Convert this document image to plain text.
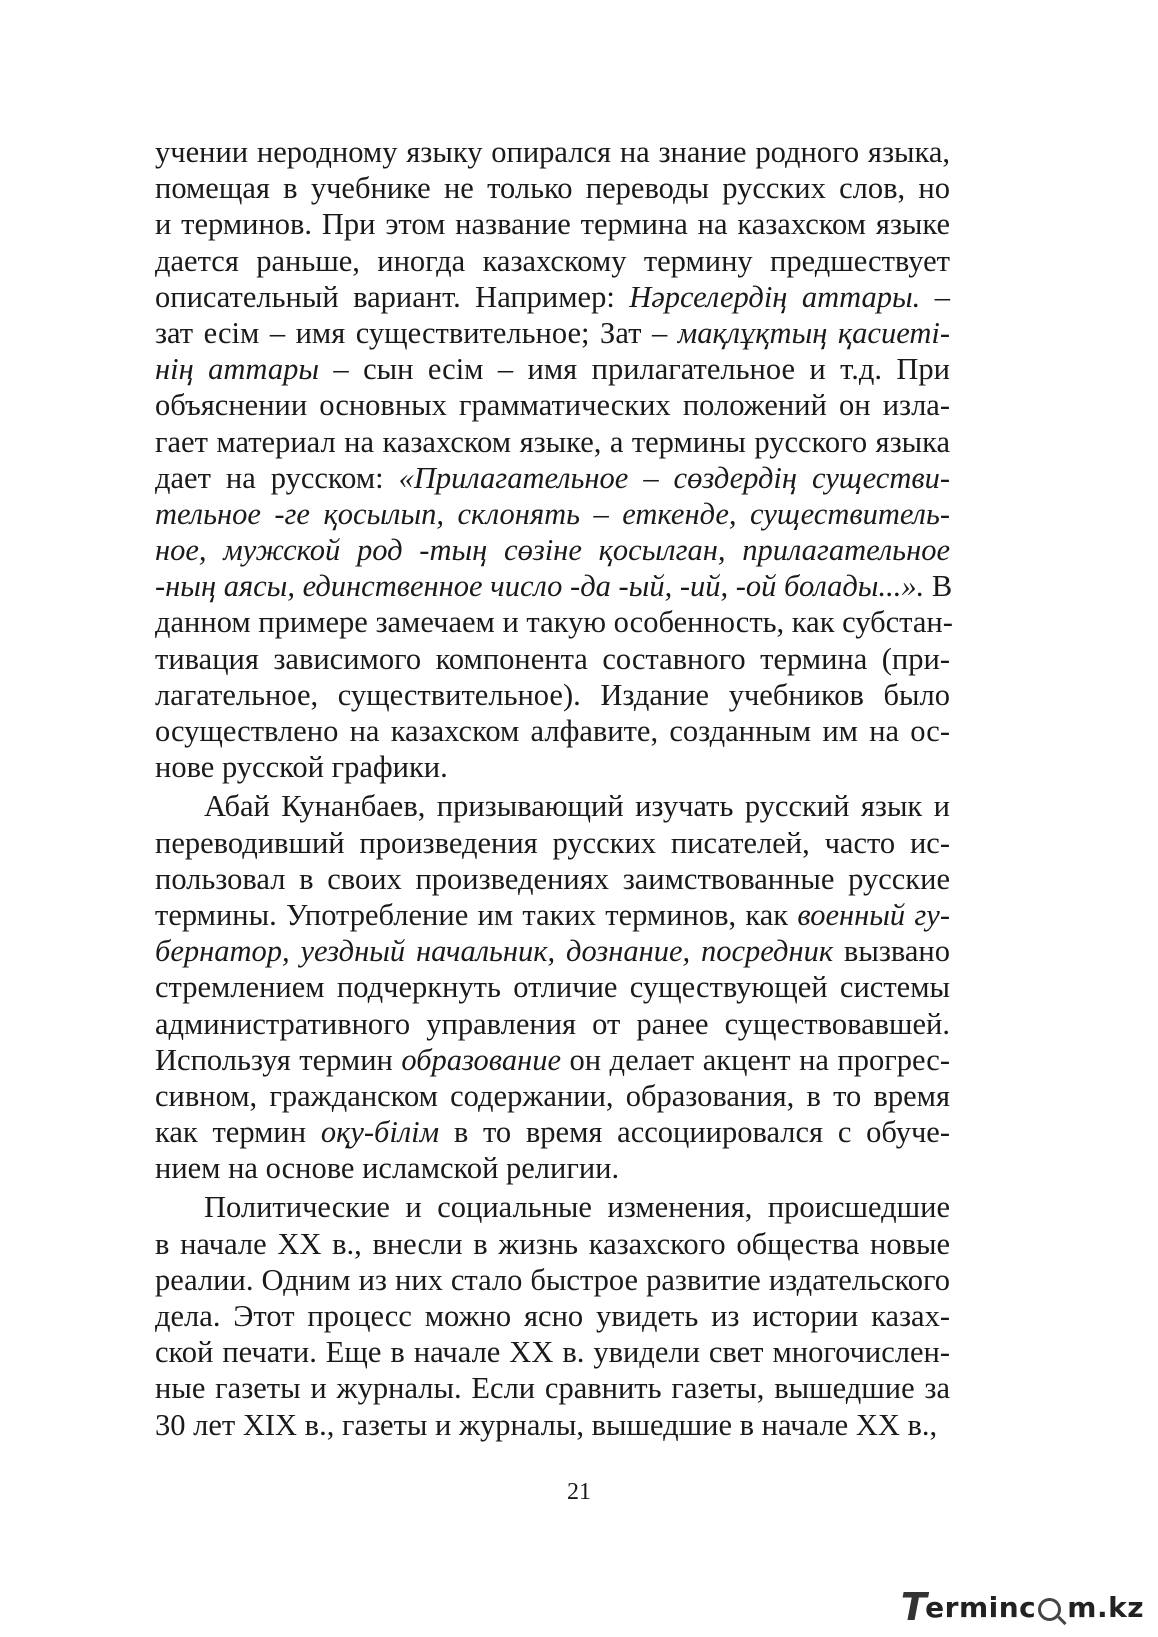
учении неродному языку опирался на знание родного языка,
помещая в учебнике не только переводы русских слов, но
и терминов. При этом название термина на казахском языке
дается раньше, иногда казахскому термину предшествует
описательный вариант. Например: Нәрселердің аттары. –
зат есім – имя существительное; Зат – мақлұқтың қасиеті-
нің аттары – сын есім – имя прилагательное и т.д. При
объяснении основных грамматических положений он изла-
гает материал на казахском языке, а термины русского языка
дает на русском: «Прилагательное – сөздердің существи-
тельное -ге қосылып, склонять – еткенде, существитель-
ное, мужской род -тың сөзіне қосылган, прилагательное
-ның аясы, единственное число -да -ый, -ий, -ой болады...». В
данном примере замечаем и такую особенность, как субстан-
тивация зависимого компонента составного термина (при-
лагательное, существительное). Издание учебников было
осуществлено на казахском алфавите, созданным им на ос-
нове русской графики.
Абай Кунанбаев, призывающий изучать русский язык и
переводивший произведения русских писателей, часто ис-
пользовал в своих произведениях заимствованные русские
термины. Употребление им таких терминов, как военный гу-
бернатор, уездный начальник, дознание, посредник вызвано
стремлением подчеркнуть отличие существующей системы
административного управления от ранее существовавшей.
Используя термин образование он делает акцент на прогрес-
сивном, гражданском содержании, образования, в то время
как термин оқу-білім в то время ассоциировался с обуче-
нием на основе исламской религии.
Политические и социальные изменения, происшедшие
в начале XX в., внесли в жизнь казахского общества новые
реалии. Одним из них стало быстрое развитие издательского
дела. Этот процесс можно ясно увидеть из истории казах-
ской печати. Еще в начале XX в. увидели свет многочислен-
ные газеты и журналы. Если сравнить газеты, вышедшие за
30 лет XIX в., газеты и журналы, вышедшие в начале XX в.,
21
T
erminc m.kz
